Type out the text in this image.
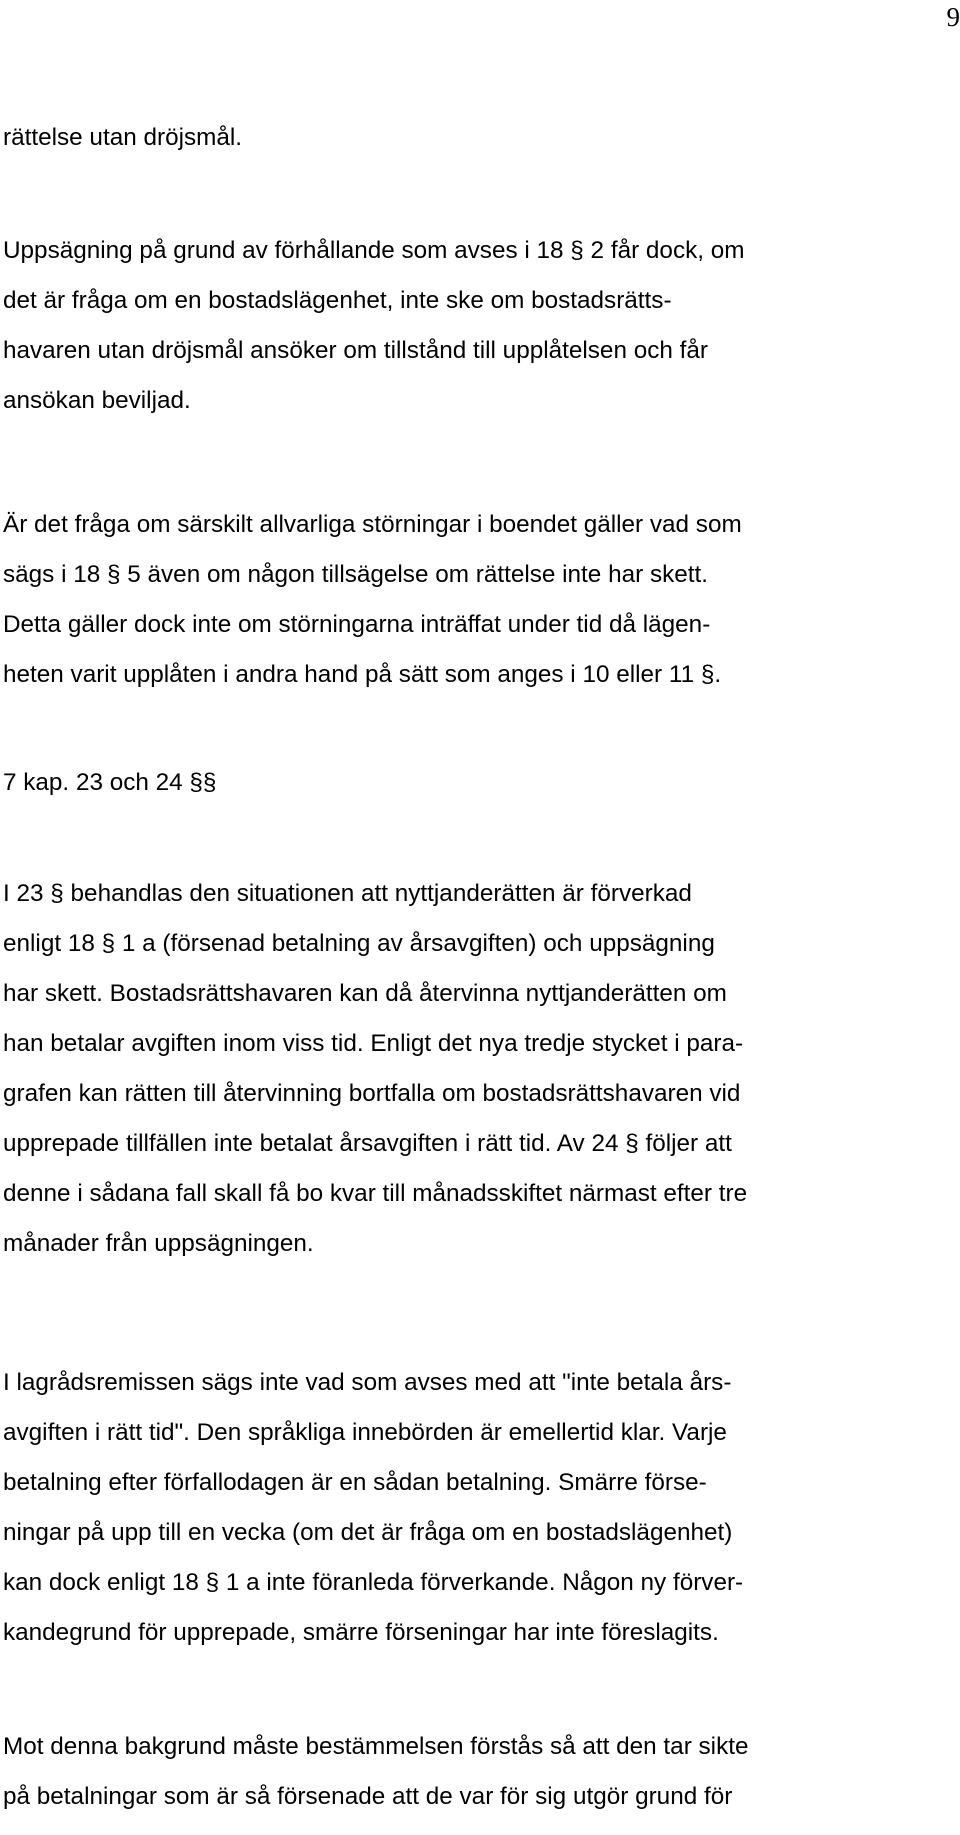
9
rättelse utan dröjsmål.
Uppsägning på grund av förhållande som avses i 18 § 2 får dock, om
det är fråga om en bostadslägenhet, inte ske om bostadsrätts-
havaren utan dröjsmål ansöker om tillstånd till upplåtelsen och får
ansökan beviljad.
Är det fråga om särskilt allvarliga störningar i boendet gäller vad som
sägs i 18 § 5 även om någon tillsägelse om rättelse inte har skett.
Detta gäller dock inte om störningarna inträffat under tid då lägen-
heten varit upplåten i andra hand på sätt som anges i 10 eller 11 §.
7 kap. 23 och 24 §§
I 23 § behandlas den situationen att nyttjanderätten är förverkad
enligt 18 § 1 a (försenad betalning av årsavgiften) och uppsägning
har skett. Bostadsrättshavaren kan då återvinna nyttjanderätten om
han betalar avgiften inom viss tid. Enligt det nya tredje stycket i para-
grafen kan rätten till återvinning bortfalla om bostadsrättshavaren vid
upprepade tillfällen inte betalat årsavgiften i rätt tid. Av 24 § följer att
denne i sådana fall skall få bo kvar till månadsskiftet närmast efter tre
månader från uppsägningen.
I lagrådsremissen sägs inte vad som avses med att "inte betala års-
avgiften i rätt tid". Den språkliga innebörden är emellertid klar. Varje
betalning efter förfallodagen är en sådan betalning. Smärre förse-
ningar på upp till en vecka (om det är fråga om en bostadslägenhet)
kan dock enligt 18 § 1 a inte föranleda förverkande. Någon ny förver-
kandegrund för upprepade, smärre förseningar har inte föreslagits.
Mot denna bakgrund måste bestämmelsen förstås så att den tar sikte
på betalningar som är så försenade att de var för sig utgör grund för
